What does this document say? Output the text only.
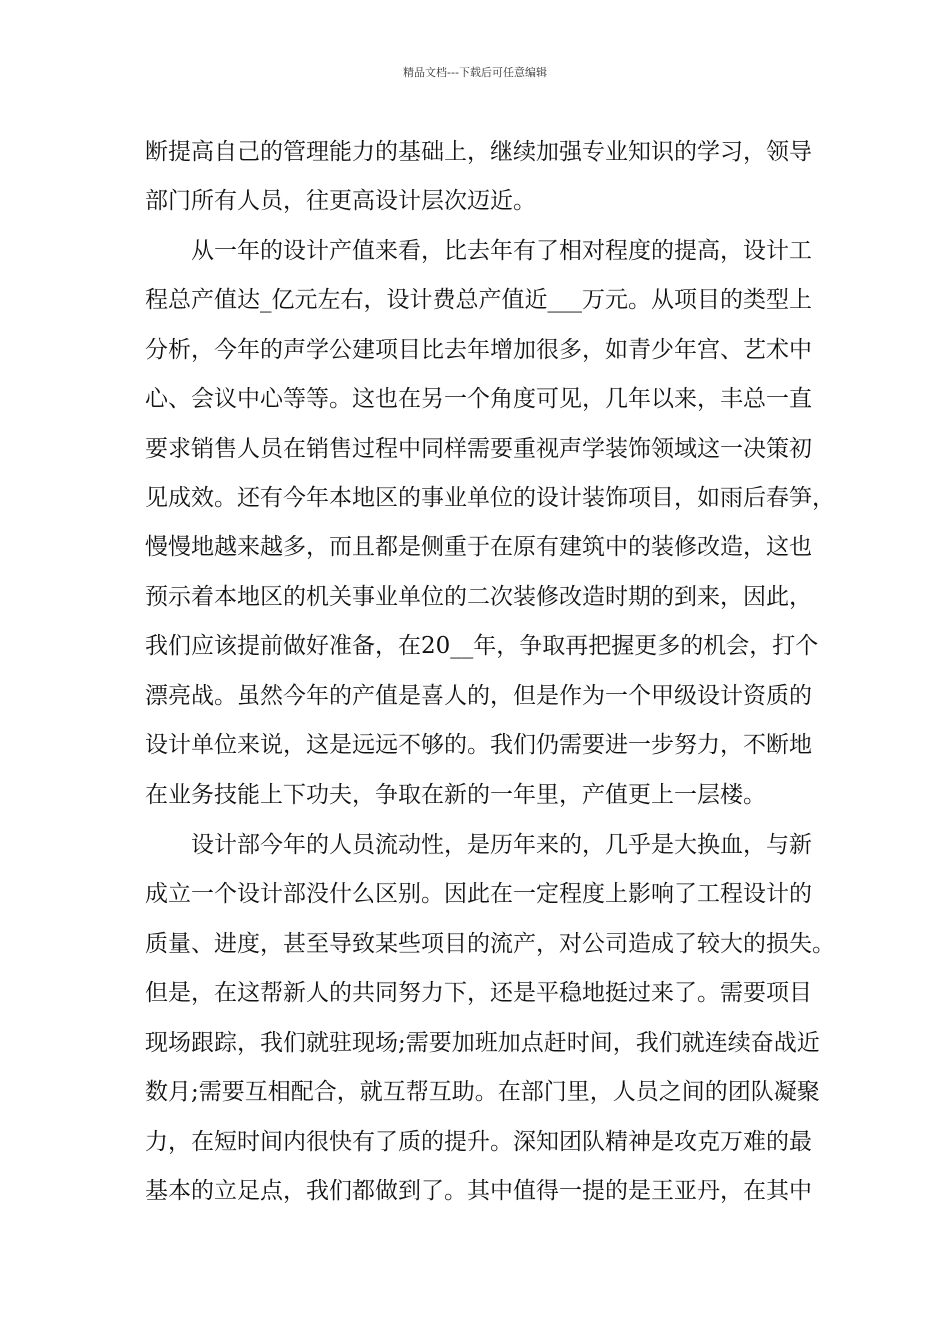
精品文档---下载后可任意编辑
断提高自己的管理能力的基础上，继续加强专业知识的学习，领导
部门所有人员，往更高设计层次迈近。
　　从一年的设计产值来看，比去年有了相对程度的提高，设计工
程总产值达_亿元左右，设计费总产值近___万元。从项目的类型上
分析，今年的声学公建项目比去年增加很多，如青少年宫、艺术中
心、会议中心等等。这也在另一个角度可见，几年以来，丰总一直
要求销售人员在销售过程中同样需要重视声学装饰领域这一决策初
见成效。还有今年本地区的事业单位的设计装饰项目，如雨后春笋，
慢慢地越来越多，而且都是侧重于在原有建筑中的装修改造，这也
预示着本地区的机关事业单位的二次装修改造时期的到来，因此，
我们应该提前做好准备，在20__年，争取再把握更多的机会，打个
漂亮战。虽然今年的产值是喜人的，但是作为一个甲级设计资质的
设计单位来说，这是远远不够的。我们仍需要进一步努力，不断地
在业务技能上下功夫，争取在新的一年里，产值更上一层楼。
　　设计部今年的人员流动性，是历年来的，几乎是大换血，与新
成立一个设计部没什么区别。因此在一定程度上影响了工程设计的
质量、进度，甚至导致某些项目的流产，对公司造成了较大的损失。
但是，在这帮新人的共同努力下，还是平稳地挺过来了。需要项目
现场跟踪，我们就驻现场;需要加班加点赶时间，我们就连续奋战近
数月;需要互相配合，就互帮互助。在部门里，人员之间的团队凝聚
力，在短时间内很快有了质的提升。深知团队精神是攻克万难的最
基本的立足点，我们都做到了。其中值得一提的是王亚丹，在其中
